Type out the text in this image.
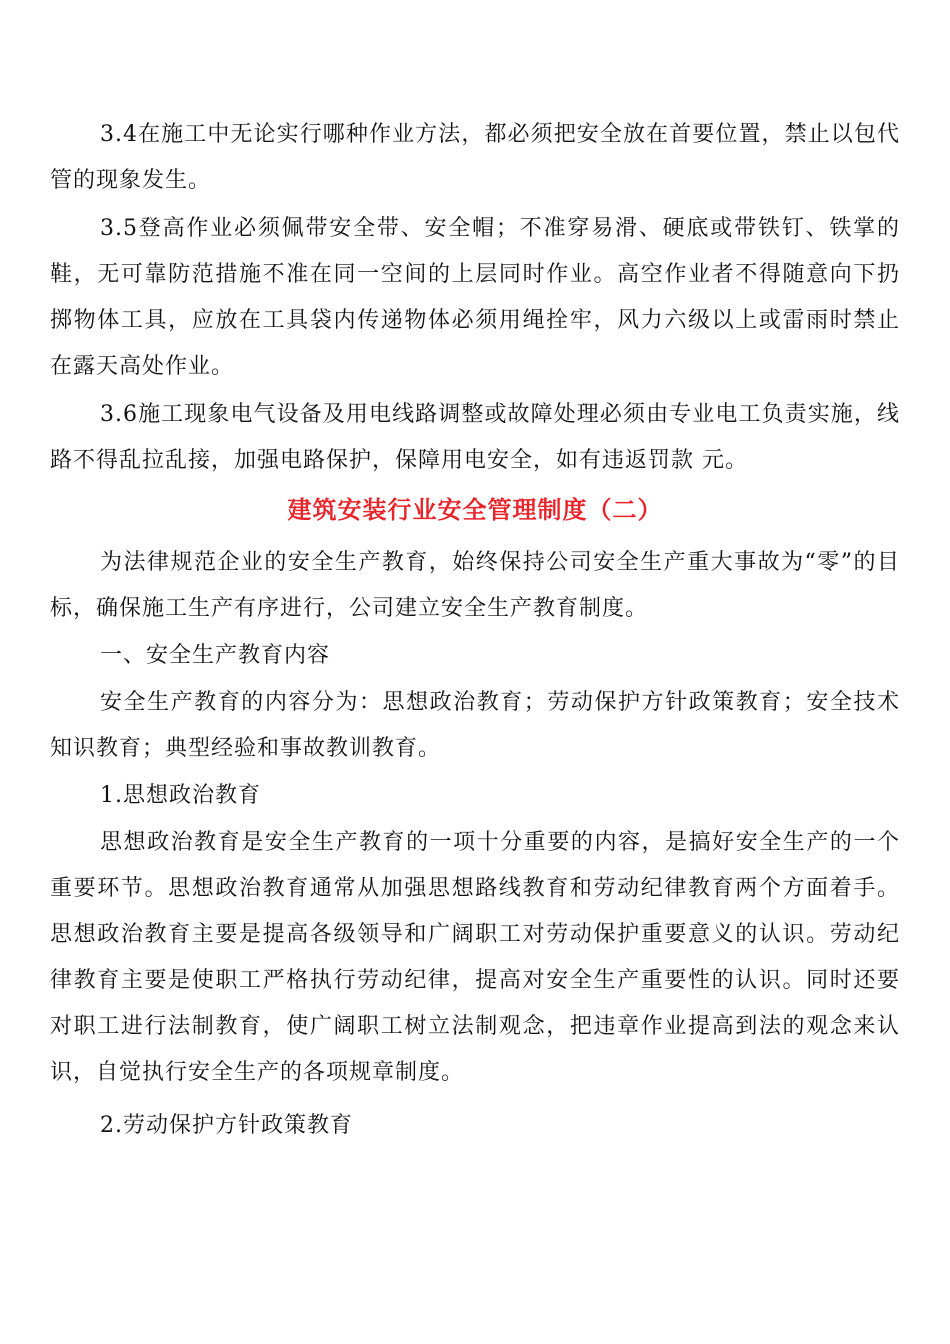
3.4在施工中无论实行哪种作业方法，都必须把安全放在首要位置，禁止以包代管的现象发生。

3.5登高作业必须佩带安全带、安全帽；不准穿易滑、硬底或带铁钉、铁掌的鞋，无可靠防范措施不准在同一空间的上层同时作业。高空作业者不得随意向下扔掷物体工具，应放在工具袋内传递物体必须用绳拴牢，风力六级以上或雷雨时禁止在露天高处作业。

3.6施工现象电气设备及用电线路调整或故障处理必须由专业电工负责实施，线路不得乱拉乱接，加强电路保护，保障用电安全，如有违返罚款 元。

建筑安装行业安全管理制度（二）

为法律规范企业的安全生产教育，始终保持公司安全生产重大事故为“零”的目标，确保施工生产有序进行，公司建立安全生产教育制度。

一、安全生产教育内容

安全生产教育的内容分为：思想政治教育；劳动保护方针政策教育；安全技术知识教育；典型经验和事故教训教育。

1.思想政治教育

思想政治教育是安全生产教育的一项十分重要的内容，是搞好安全生产的一个重要环节。思想政治教育通常从加强思想路线教育和劳动纪律教育两个方面着手。思想政治教育主要是提高各级领导和广阔职工对劳动保护重要意义的认识。劳动纪律教育主要是使职工严格执行劳动纪律，提高对安全生产重要性的认识。同时还要对职工进行法制教育，使广阔职工树立法制观念，把违章作业提高到法的观念来认识，自觉执行安全生产的各项规章制度。

2.劳动保护方针政策教育
